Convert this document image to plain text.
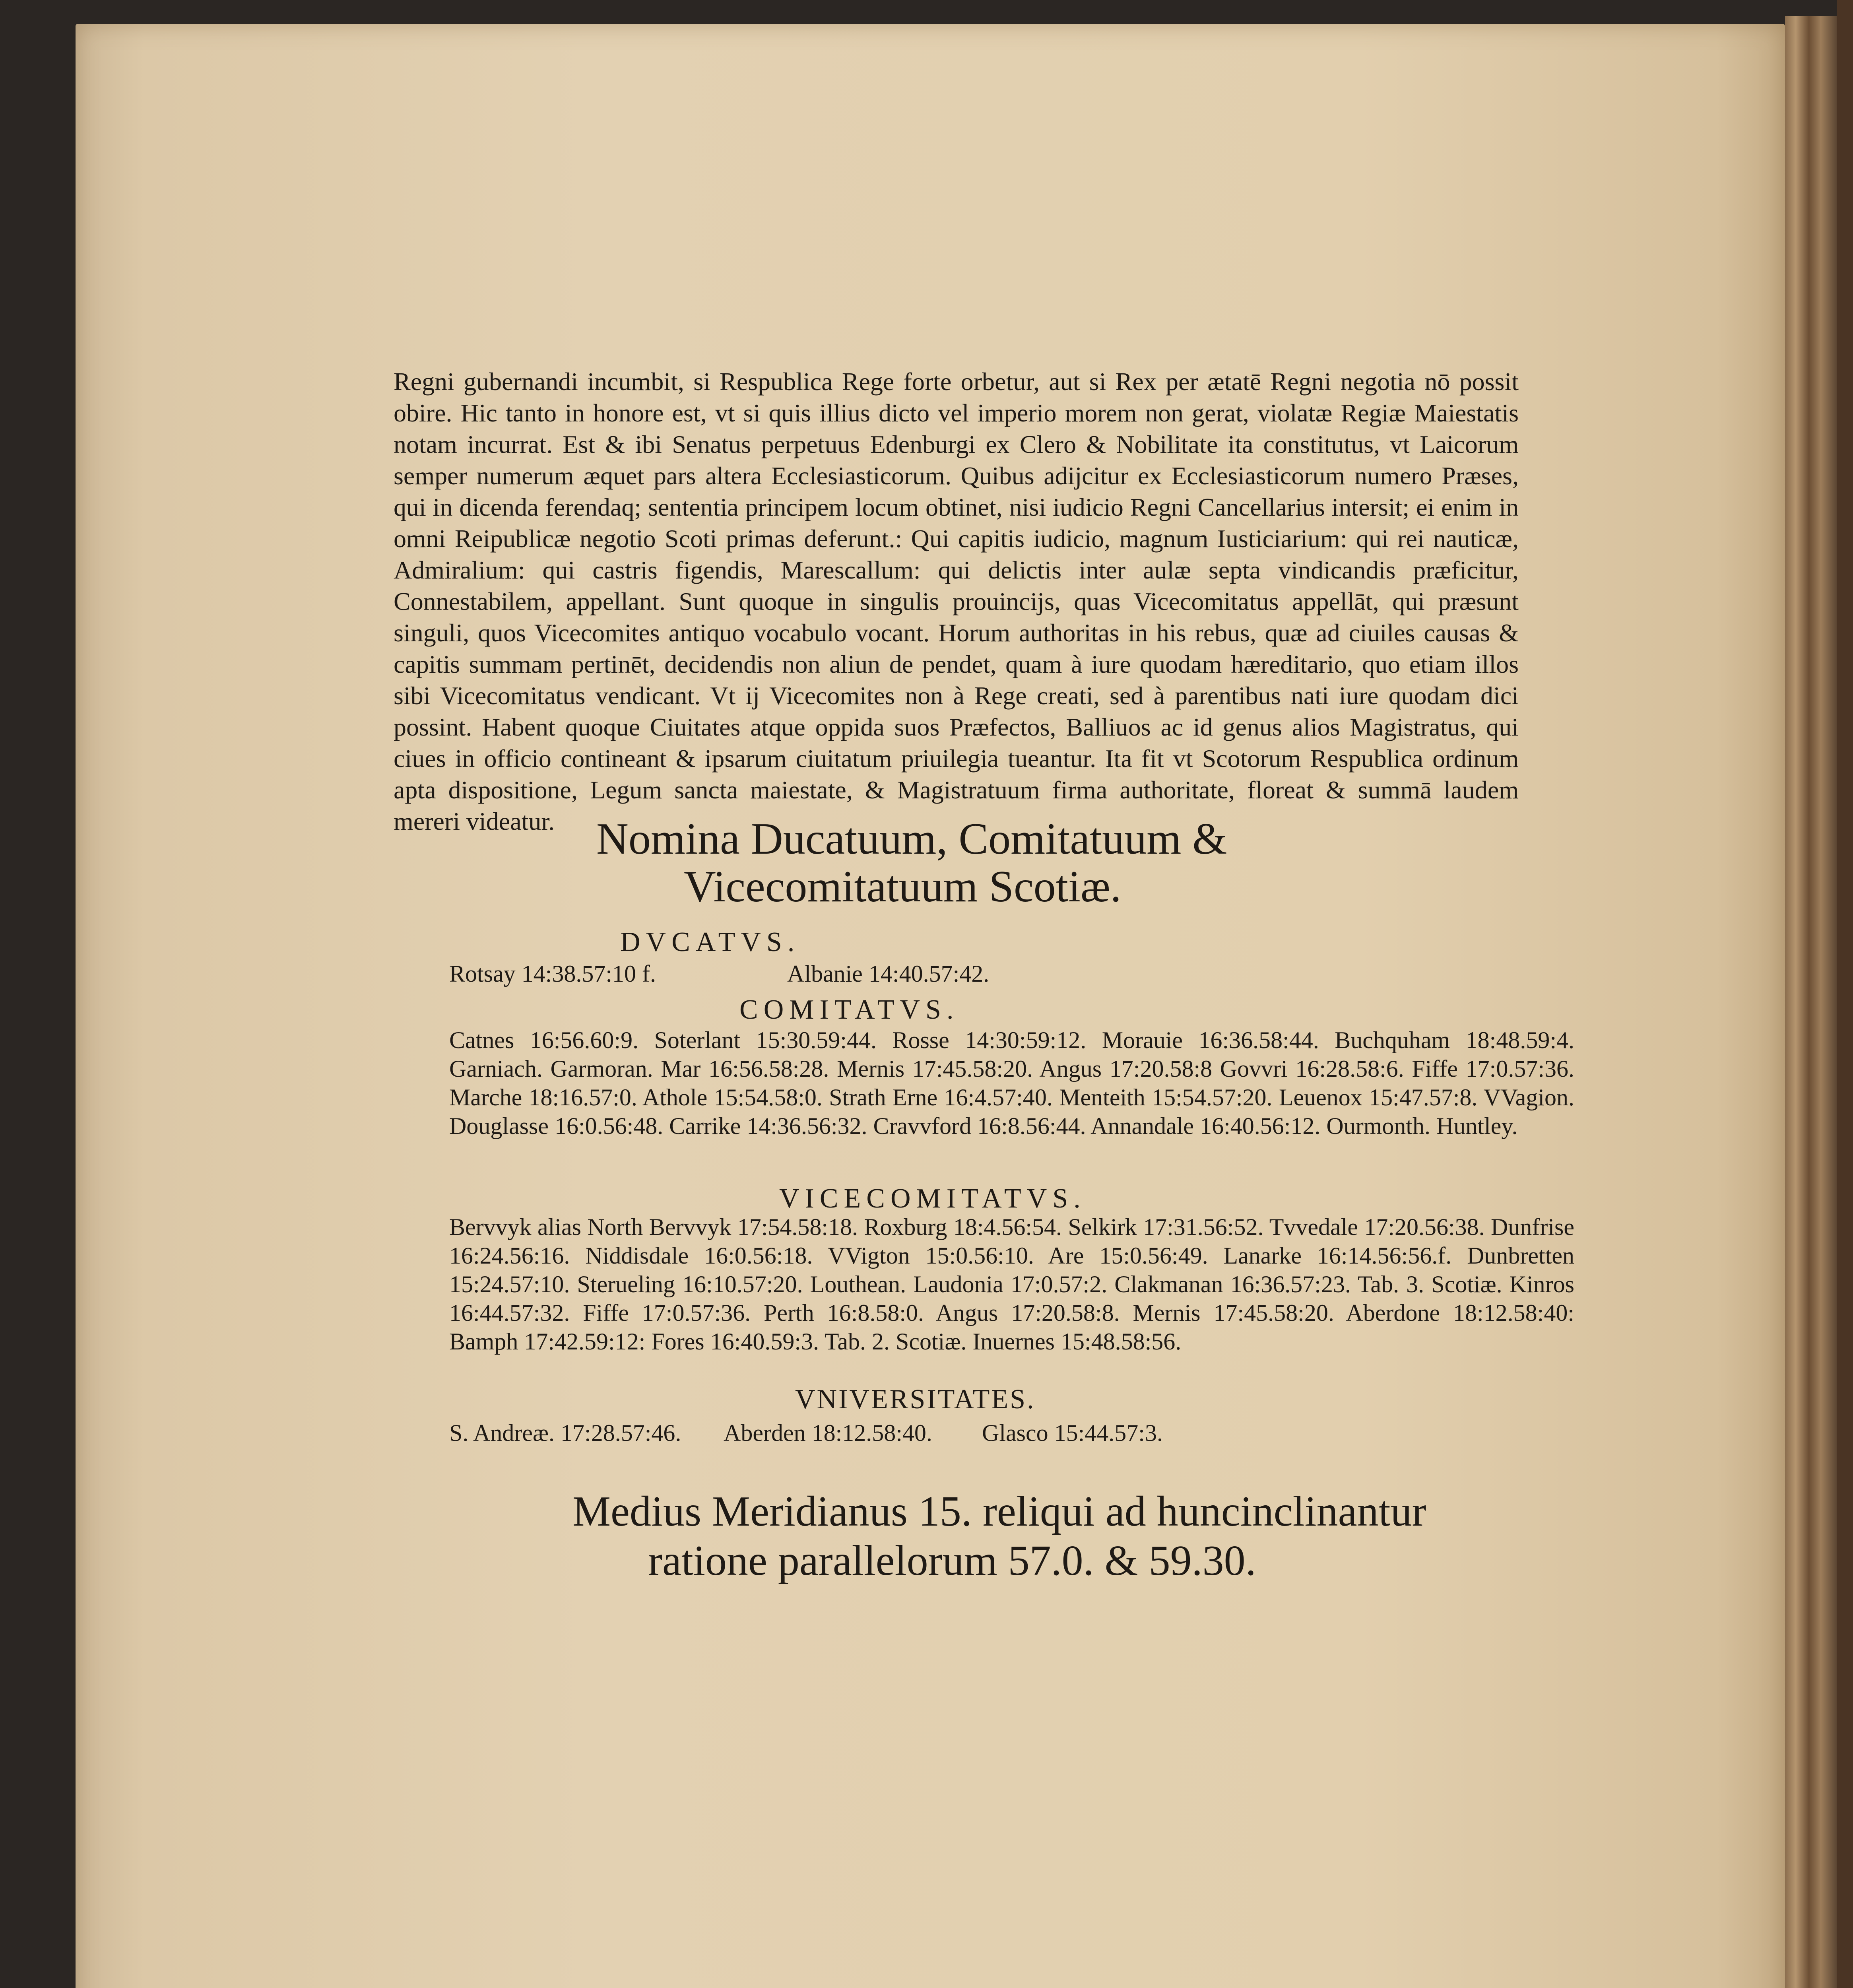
Regni gubernandi incumbit, si Respublica Rege forte orbetur, aut si Rex per ætatē Regni negotia nō possit obire. Hic tanto in honore est, vt si quis illius dicto vel imperio morem non gerat, violatæ Regiæ Maiestatis notam incurrat. Est & ibi Senatus perpetuus Edenburgi ex Clero & Nobilitate ita constitutus, vt Laicorum semper numerum æquet pars altera Ecclesiasticorum. Quibus adijcitur ex Ecclesiasticorum numero Præses, qui in dicenda ferendaq; sententia principem locum obtinet, nisi iudicio Regni Cancellarius intersit; ei enim in omni Reipublicæ negotio Scoti primas deferunt.: Qui capitis iudicio, magnum Iusticiarium: qui rei nauticæ, Admiralium: qui castris figendis, Marescallum: qui delictis inter aulæ septa vindicandis præficitur, Connestabilem, appellant. Sunt quoque in singulis prouincijs, quas Vicecomitatus appellāt, qui præsunt singuli, quos Vicecomites antiquo vocabulo vocant. Horum authoritas in his rebus, quæ ad ciuiles causas & capitis summam pertinēt, decidendis non aliun de pendet, quam à iure quodam hæreditario, quo etiam illos sibi Vicecomitatus vendicant. Vt ij Vicecomites non à Rege creati, sed à parentibus nati iure quodam dici possint. Habent quoque Ciuitates atque oppida suos Præfectos, Balliuos ac id genus alios Magistratus, qui ciues in officio contineant & ipsarum ciuitatum priuilegia tueantur. Ita fit vt Scotorum Respublica ordinum apta dispositione, Legum sancta maiestate, & Magistratuum firma authoritate, floreat & summā laudem mereri videatur. Nomina Ducatuum, Comitatuum &
Vicecomitatuum Scotiæ.
DVCATVS.
Rotsay 14:38.57:10 f.	Albanie 14:40.57:42.
COMITATVS.
Catnes 16:56.60:9. Soterlant 15:30.59:44. Rosse 14:30:59:12. Morauie 16:36.58:44. Buchquham 18:48.59:4. Garniach. Garmoran. Mar 16:56.58:28. Mernis 17:45.58:20. Angus 17:20.58:8 Govvri 16:28.58:6. Fiffe 17:0.57:36. Marche 18:16.57:0. Athole 15:54.58:0. Strath Erne 16:4.57:40. Menteith 15:54.57:20. Leuenox 15:47.57:8. VVagion. Douglasse 16:0.56:48. Carrike 14:36.56:32. Cravvford 16:8.56:44. Annandale 16:40.56:12. Ourmonth. Huntley.
VICECOMITATVS.
Bervvyk alias North Bervvyk 17:54.58:18. Roxburg 18:4.56:54. Selkirk 17:31.56:52. Tvvedale 17:20.56:38. Dunfrise 16:24.56:16. Niddisdale 16:0.56:18. VVigton 15:0.56:10. Are 15:0.56:49. Lanarke 16:14.56:56.f. Dunbretten 15:24.57:10. Sterueling 16:10.57:20. Louthean. Laudonia 17:0.57:2. Clakmanan 16:36.57:23. Tab. 3. Scotiæ. Kinros 16:44.57:32. Fiffe 17:0.57:36. Perth 16:8.58:0. Angus 17:20.58:8. Mernis 17:45.58:20. Aberdone 18:12.58:40: Bamph 17:42.59:12: Fores 16:40.59:3. Tab. 2. Scotiæ. Inuernes 15:48.58:56.
VNIVERSITATES.
S. Andreæ. 17:28.57:46. Aberden 18:12.58:40. Glasco 15:44.57:3.
Medius Meridianus 15. reliqui ad huncinclinantur
ratione parallelorum 57.0. & 59.30.
